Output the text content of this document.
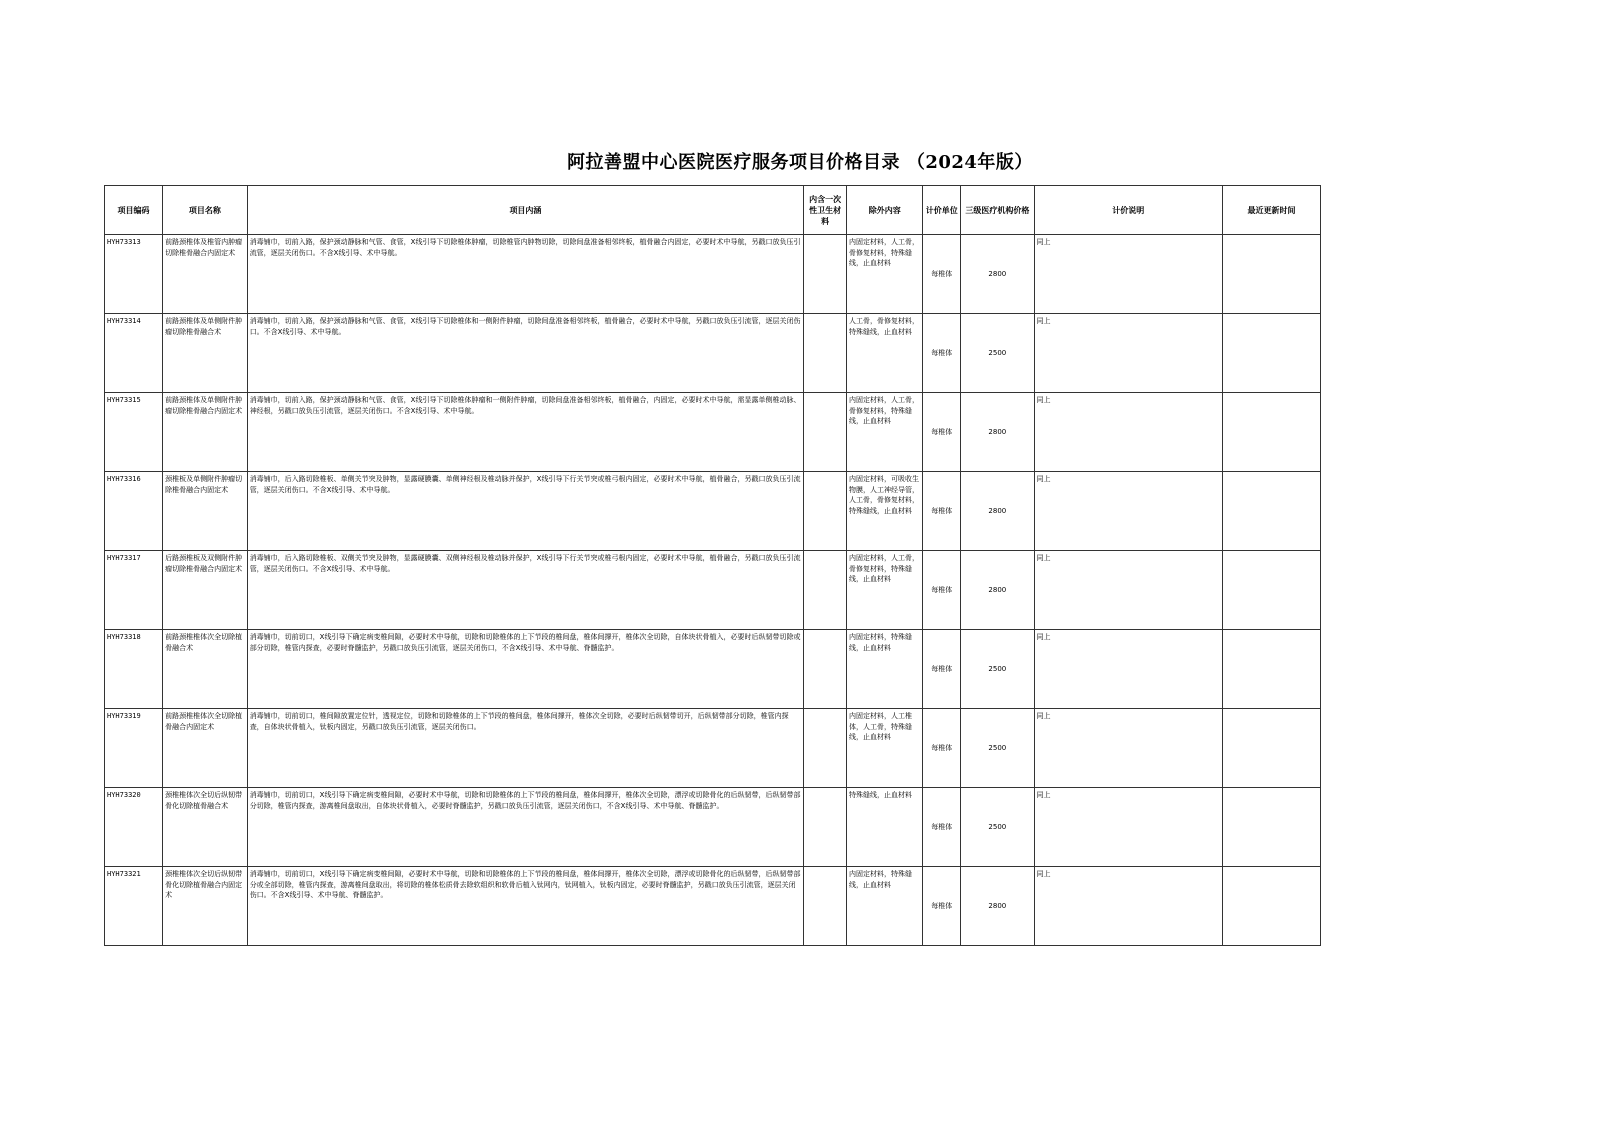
阿拉善盟中心医院医疗服务项目价格目录 （2024年版）
项目编码	项目名称	项目内涵	内含一次性卫生材料	除外内容	计价单位	三级医疗机构价格	计价说明	最近更新时间
HYH73313	前路颈椎体及椎管内肿瘤切除椎骨融合内固定术	消毒铺巾，切前入路，保护颈动静脉和气管、食管，X线引导下切除椎体肿瘤，切除椎管内肿物切除，切除间盘准备相邻终板，植骨融合内固定，必要时术中导航，另戳口放负压引流管，逐层关闭伤口。不含X线引导、术中导航。		内固定材料，人工骨，骨修复材料，特殊缝线，止血材料	每椎体	2800	同上	
HYH73314	前路颈椎体及单侧附件肿瘤切除椎骨融合术	消毒铺巾，切前入路，保护颈动静脉和气管、食管，X线引导下切除椎体和一侧附件肿瘤，切除间盘准备相邻终板，植骨融合，必要时术中导航，另戳口放负压引流管，逐层关闭伤口。不含X线引导、术中导航。		人工骨，骨修复材料，特殊缝线，止血材料	每椎体	2500	同上	
HYH73315	前路颈椎体及单侧附件肿瘤切除椎骨融合内固定术	消毒铺巾，切前入路，保护颈动静脉和气管、食管，X线引导下切除椎体肿瘤和一侧附件肿瘤，切除间盘准备相邻终板，植骨融合，内固定，必要时术中导航，需显露单侧椎动脉、神经根，另戳口放负压引流管，逐层关闭伤口。不含X线引导、术中导航。		内固定材料，人工骨，骨修复材料，特殊缝线，止血材料	每椎体	2800	同上	
HYH73316	颈椎板及单侧附件肿瘤切除椎骨融合内固定术	消毒铺巾，后入路切除椎板、单侧关节突及肿物，显露硬膜囊、单侧神经根及椎动脉并保护，X线引导下行关节突或椎弓根内固定，必要时术中导航，植骨融合，另戳口放负压引流管，逐层关闭伤口。不含X线引导、术中导航。		内固定材料，可吸收生物膜，人工神经导管，人工骨，骨修复材料，特殊缝线，止血材料	每椎体	2800	同上	
HYH73317	后路颈椎板及双侧附件肿瘤切除椎骨融合内固定术	消毒铺巾，后入路切除椎板、双侧关节突及肿物，显露硬膜囊、双侧神经根及椎动脉并保护，X线引导下行关节突或椎弓根内固定，必要时术中导航，植骨融合，另戳口放负压引流管，逐层关闭伤口。不含X线引导、术中导航。		内固定材料，人工骨，骨修复材料，特殊缝线，止血材料	每椎体	2800	同上	
HYH73318	前路颈椎椎体次全切除植骨融合术	消毒铺巾，切前切口，X线引导下确定病变椎间隙，必要时术中导航，切除和切除椎体的上下节段的椎间盘，椎体间撑开，椎体次全切除，自体块状骨植入，必要时后纵韧带切除或部分切除，椎管内探查，必要时脊髓监护，另戳口放负压引流管，逐层关闭伤口，不含X线引导、术中导航、脊髓监护。		内固定材料，特殊缝线，止血材料	每椎体	2500	同上	
HYH73319	前路颈椎椎体次全切除植骨融合内固定术	消毒铺巾，切前切口，椎间隙放置定位针，透视定位，切除和切除椎体的上下节段的椎间盘，椎体间撑开，椎体次全切除，必要时后纵韧带切开，后纵韧带部分切除，椎管内探查，自体块状骨植入，钛板内固定，另戳口放负压引流管，逐层关闭伤口。		内固定材料，人工椎体，人工骨，特殊缝线，止血材料	每椎体	2500	同上	
HYH73320	颈椎椎体次全切后纵韧带骨化切除植骨融合术	消毒铺巾，切前切口，X线引导下确定病变椎间隙，必要时术中导航，切除和切除椎体的上下节段的椎间盘，椎体间撑开，椎体次全切除，漂浮或切除骨化的后纵韧带，后纵韧带部分切除，椎管内探查，游离椎间盘取出，自体块状骨植入，必要时脊髓监护，另戳口放负压引流管，逐层关闭伤口，不含X线引导、术中导航、脊髓监护。		特殊缝线，止血材料	每椎体	2500	同上	
HYH73321	颈椎椎体次全切后纵韧带骨化切除植骨融合内固定术	消毒铺巾，切前切口，X线引导下确定病变椎间隙，必要时术中导航，切除和切除椎体的上下节段的椎间盘，椎体间撑开，椎体次全切除，漂浮或切除骨化的后纵韧带，后纵韧带部分或全部切除，椎管内探查，游离椎间盘取出，将切除的椎体松质骨去除软组织和软骨后植入钛网内，钛网植入，钛板内固定，必要时脊髓监护，另戳口放负压引流管，逐层关闭伤口。不含X线引导、术中导航、脊髓监护。		内固定材料，特殊缝线，止血材料	每椎体	2800	同上	
